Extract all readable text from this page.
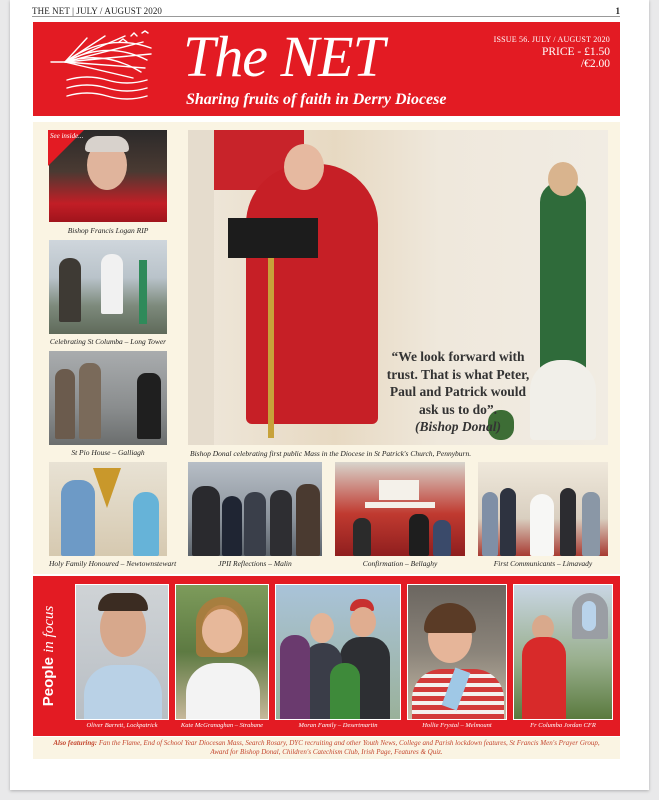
THE NET | JULY / AUGUST 2020	1
The NET
Sharing fruits of faith in Derry Diocese
ISSUE 56. JULY / AUGUST 2020
PRICE - £1.50
/€2.00
See inside...
Bishop Francis Logan RIP
Celebrating St Columba – Long Tower
St Pio House – Galliagh
“We look forward with trust. That is what Peter, Paul and Patrick would ask us to do”.
(Bishop Donal)
Bishop Donal celebrating first public Mass in the Diocese in St Patrick's Church, Pennyburn.
Holy Family Honoured – Newtownstewart	JPII Reflections – Malin	Confirmation – Bellaghy	First Communicants – Limavady
People in focus
Oliver Barrett, Lockpatrick	Kate McGranaghan – Strabane	Moran Family – Desertmartin	Hollie Frystal – Melmount	Fr Columba Jordan CFR
Also featuring: Fan the Flame, End of School Year Diocesan Mass, Search Rosary, DYC recruiting and other Youth News, College and Parish lockdown features, St Francis Men's Prayer Group,
Award for Bishop Donal, Children's Catechism Club, Irish Page, Features & Quiz.
